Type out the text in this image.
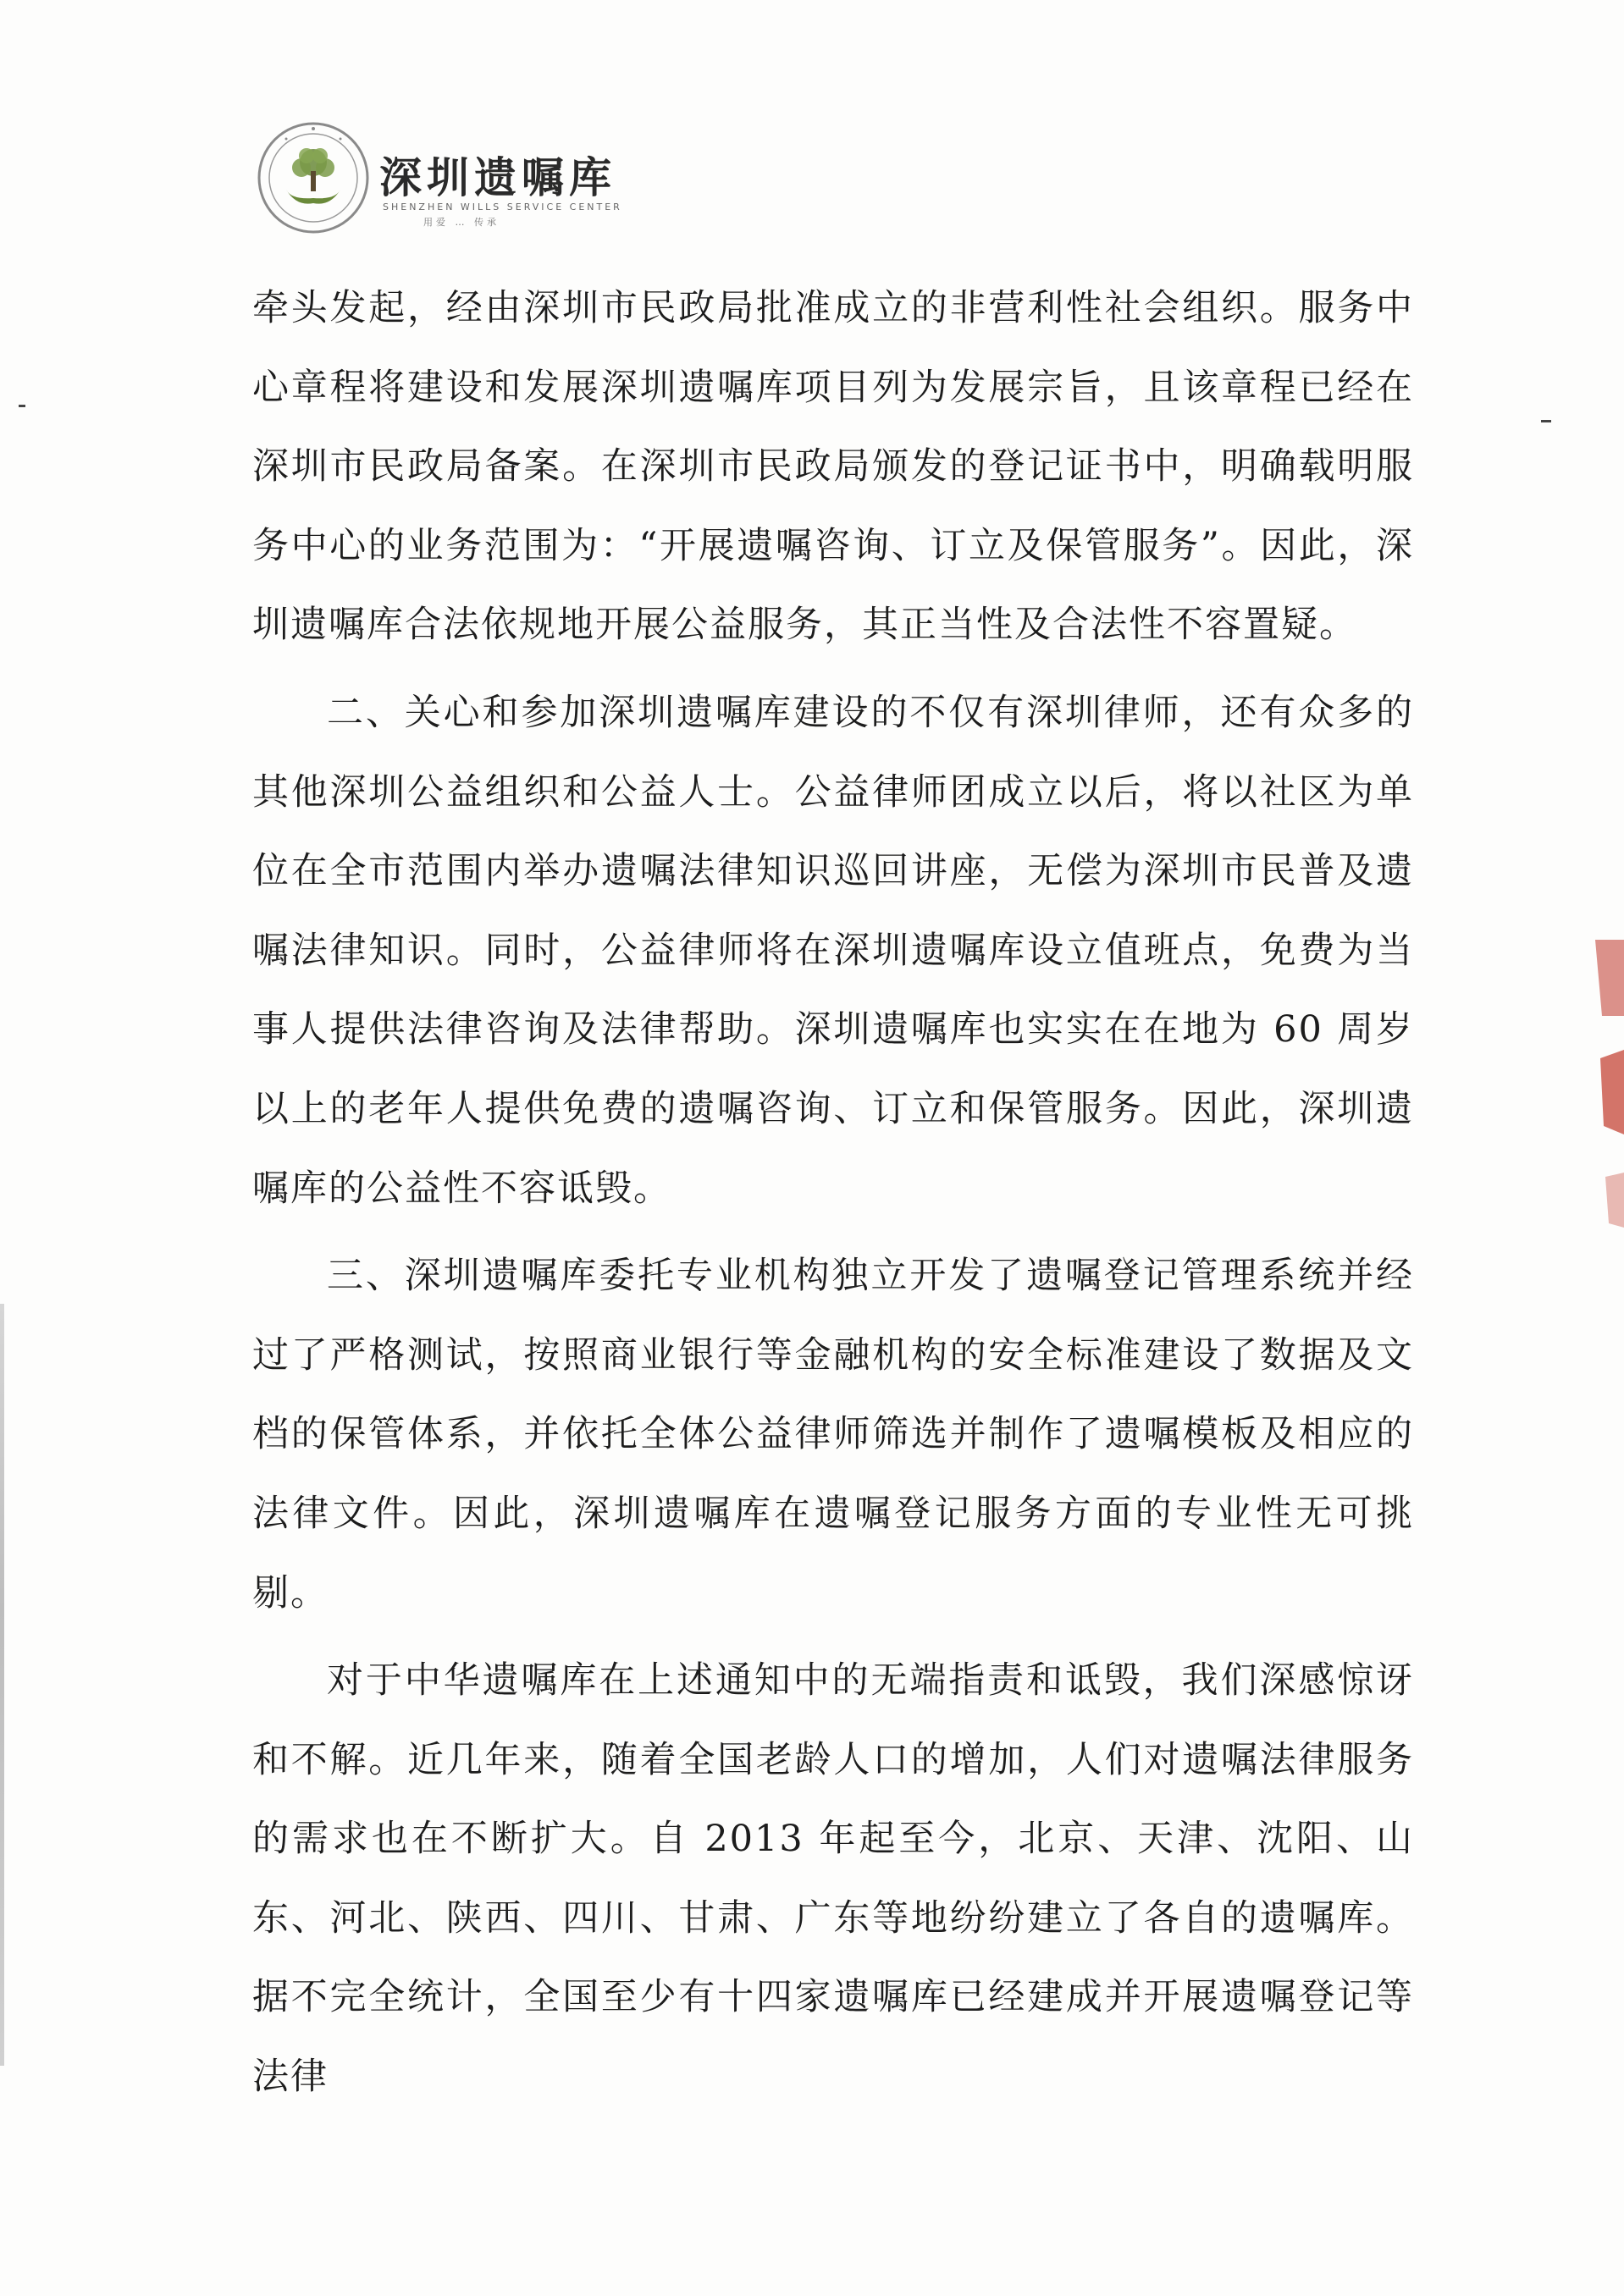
深圳遗嘱库
SHENZHEN WILLS SERVICE CENTER
用爱 … 传承

牵头发起，经由深圳市民政局批准成立的非营利性社会组织。服务中心章程将建设和发展深圳遗嘱库项目列为发展宗旨，且该章程已经在深圳市民政局备案。在深圳市民政局颁发的登记证书中，明确载明服务中心的业务范围为：“开展遗嘱咨询、订立及保管服务”。因此，深圳遗嘱库合法依规地开展公益服务，其正当性及合法性不容置疑。

二、关心和参加深圳遗嘱库建设的不仅有深圳律师，还有众多的其他深圳公益组织和公益人士。公益律师团成立以后，将以社区为单位在全市范围内举办遗嘱法律知识巡回讲座，无偿为深圳市民普及遗嘱法律知识。同时，公益律师将在深圳遗嘱库设立值班点，免费为当事人提供法律咨询及法律帮助。深圳遗嘱库也实实在在地为 60 周岁以上的老年人提供免费的遗嘱咨询、订立和保管服务。因此，深圳遗嘱库的公益性不容诋毁。

三、深圳遗嘱库委托专业机构独立开发了遗嘱登记管理系统并经过了严格测试，按照商业银行等金融机构的安全标准建设了数据及文档的保管体系，并依托全体公益律师筛选并制作了遗嘱模板及相应的法律文件。因此，深圳遗嘱库在遗嘱登记服务方面的专业性无可挑剔。

对于中华遗嘱库在上述通知中的无端指责和诋毁，我们深感惊讶和不解。近几年来，随着全国老龄人口的增加，人们对遗嘱法律服务的需求也在不断扩大。自 2013 年起至今，北京、天津、沈阳、山东、河北、陕西、四川、甘肃、广东等地纷纷建立了各自的遗嘱库。据不完全统计，全国至少有十四家遗嘱库已经建成并开展遗嘱登记等法律
